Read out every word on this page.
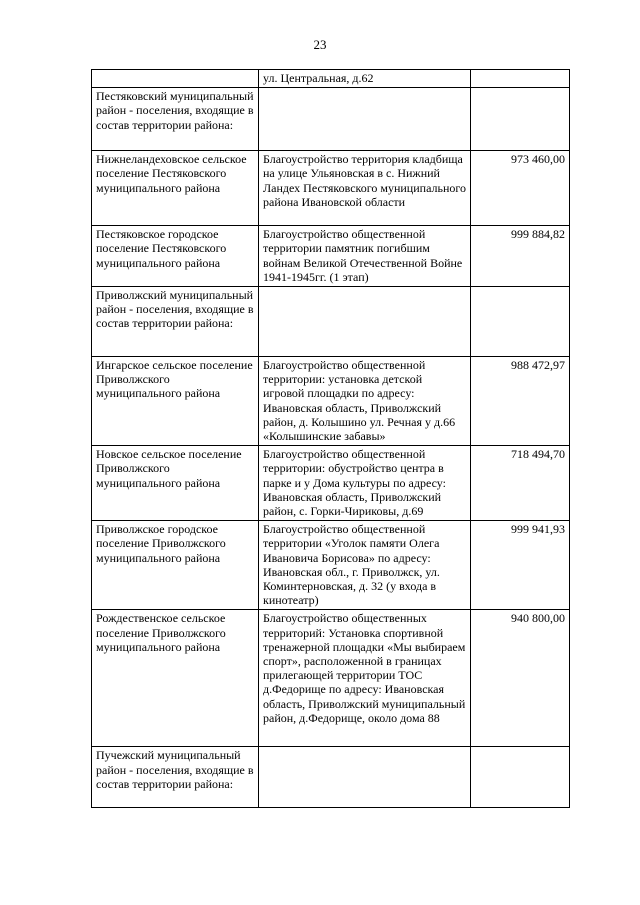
23
	ул. Центральная, д.62	
Пестяковский муниципальный район - поселения, входящие в состав территории района:		
Нижнеландеховское сельское поселение Пестяковского муниципального района	Благоустройство территория кладбища на улице Ульяновская в с. Нижний Ландех Пестяковского муниципального района Ивановской области	973 460,00
Пестяковское городское поселение Пестяковского муниципального района	Благоустройство общественной территории памятник погибшим войнам Великой Отечественной Войне 1941-1945гг. (1 этап)	999 884,82
Приволжский муниципальный район - поселения, входящие в состав территории района:		
Ингарское сельское поселение Приволжского муниципального района	Благоустройство общественной территории: установка детской игровой площадки по адресу: Ивановская область, Приволжский район, д. Колышино ул. Речная у д.66 «Колышинские забавы»	988 472,97
Новское сельское поселение Приволжского муниципального района	Благоустройство общественной территории: обустройство центра в парке и у Дома культуры по адресу: Ивановская область, Приволжский район, с. Горки-Чириковы, д.69	718 494,70
Приволжское городское поселение Приволжского муниципального района	Благоустройство общественной территории «Уголок памяти Олега Ивановича Борисова» по адресу: Ивановская обл., г. Приволжск, ул. Коминтерновская, д. 32 (у входа в кинотеатр)	999 941,93
Рождественское сельское поселение Приволжского муниципального района	Благоустройство общественных территорий: Установка спортивной тренажерной площадки «Мы выбираем спорт», расположенной в границах прилегающей территории ТОС д.Федорище по адресу: Ивановская область, Приволжский муниципальный район, д.Федорище, около дома 88	940 800,00
Пучежский муниципальный район - поселения, входящие в состав территории района:		
